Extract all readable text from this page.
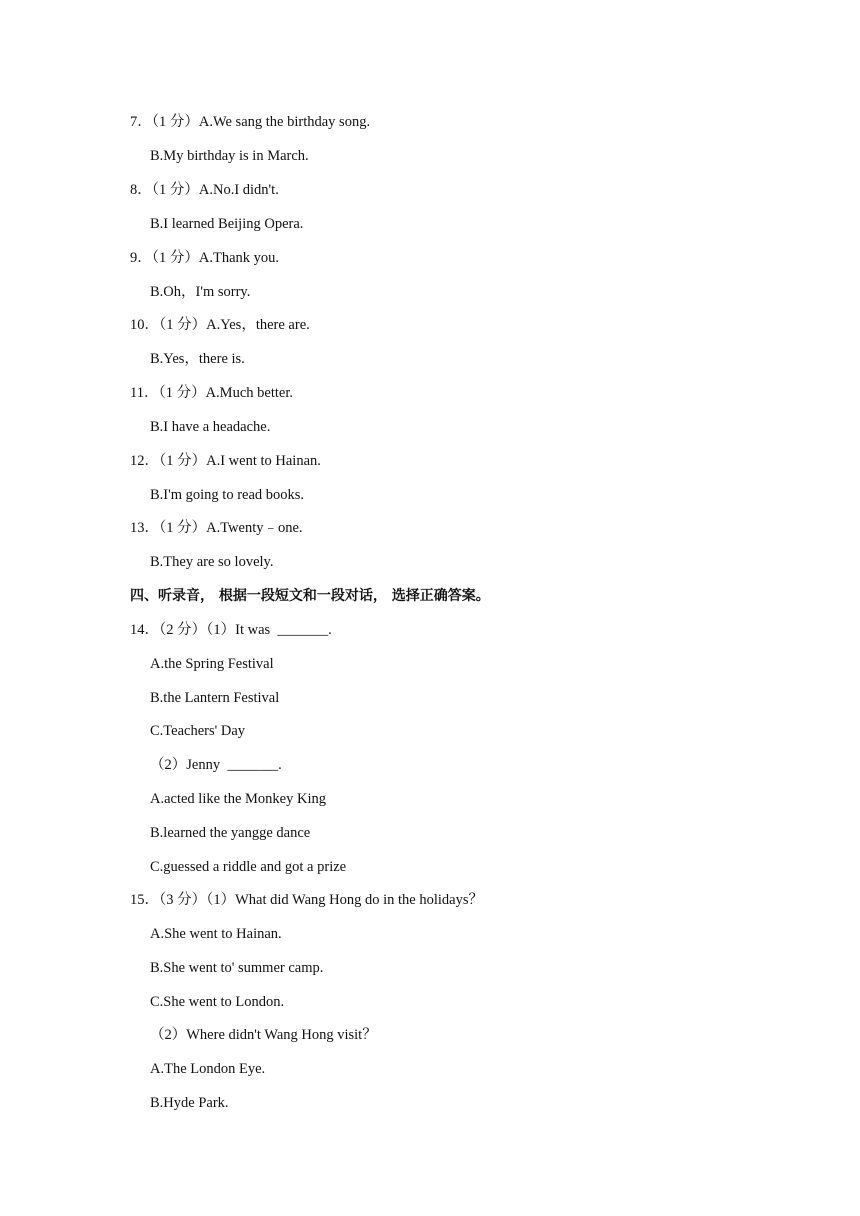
7．（1 分）A.We sang the birthday song.
B.My birthday is in March.
8．（1 分）A.No.I didn't.
B.I learned Beijing Opera.
9．（1 分）A.Thank you.
B.Oh，I'm sorry.
10．（1 分）A.Yes，there are.
B.Yes，there is.
11．（1 分）A.Much better.
B.I have a headache.
12．（1 分）A.I went to Hainan.
B.I'm going to read books.
13．（1 分）A.Twenty﹣one.
B.They are so lovely.
四、听录音， 根据一段短文和一段对话， 选择正确答案。
14．（2 分）（1）It was  _______.
A.the Spring Festival
B.the Lantern Festival
C.Teachers' Day
（2）Jenny  _______.
A.acted like the Monkey King
B.learned the yangge dance
C.guessed a riddle and got a prize
15．（3 分）（1）What did Wang Hong do in the holidays？
A.She went to Hainan.
B.She went to' summer camp.
C.She went to London.
（2）Where didn't Wang Hong visit？
A.The London Eye.
B.Hyde Park.
